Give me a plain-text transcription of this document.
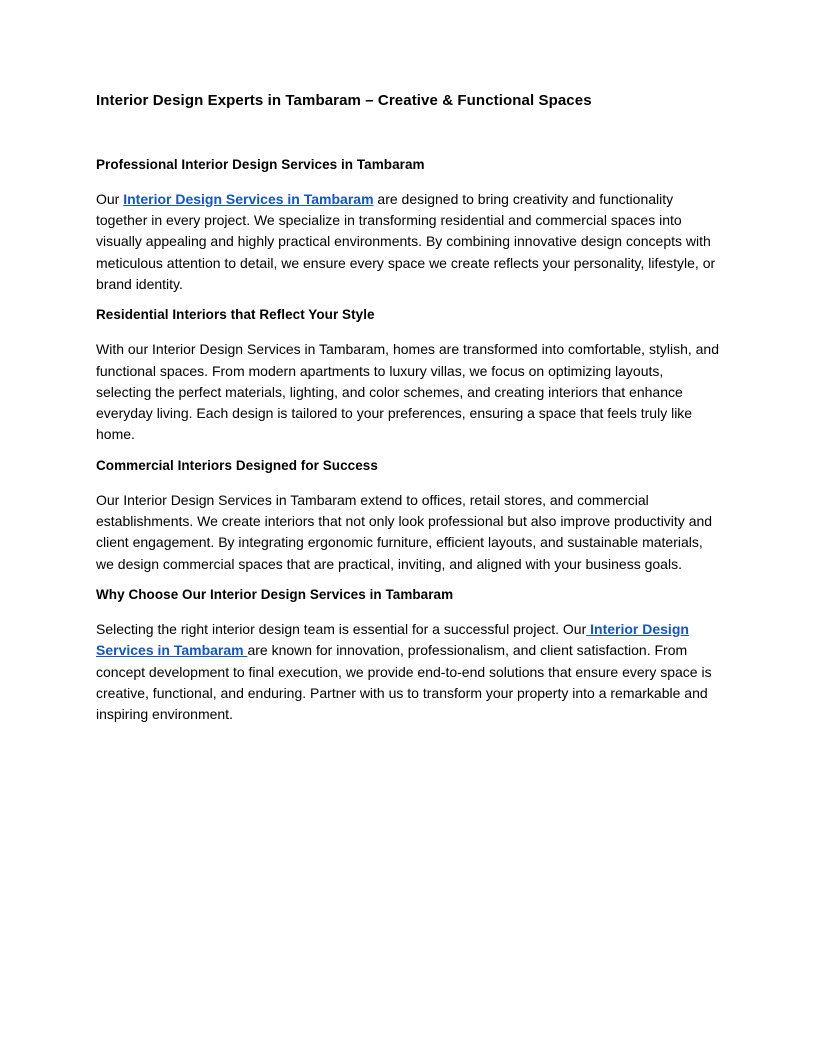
Interior Design Experts in Tambaram – Creative & Functional Spaces
Professional Interior Design Services in Tambaram

Our Interior Design Services in Tambaram are designed to bring creativity and functionality together in every project. We specialize in transforming residential and commercial spaces into visually appealing and highly practical environments. By combining innovative design concepts with meticulous attention to detail, we ensure every space we create reflects your personality, lifestyle, or brand identity.

Residential Interiors that Reflect Your Style

With our Interior Design Services in Tambaram, homes are transformed into comfortable, stylish, and functional spaces. From modern apartments to luxury villas, we focus on optimizing layouts, selecting the perfect materials, lighting, and color schemes, and creating interiors that enhance everyday living. Each design is tailored to your preferences, ensuring a space that feels truly like home.

Commercial Interiors Designed for Success

Our Interior Design Services in Tambaram extend to offices, retail stores, and commercial establishments. We create interiors that not only look professional but also improve productivity and client engagement. By integrating ergonomic furniture, efficient layouts, and sustainable materials, we design commercial spaces that are practical, inviting, and aligned with your business goals.

Why Choose Our Interior Design Services in Tambaram

Selecting the right interior design team is essential for a successful project. Our Interior Design Services in Tambaram are known for innovation, professionalism, and client satisfaction. From concept development to final execution, we provide end-to-end solutions that ensure every space is creative, functional, and enduring. Partner with us to transform your property into a remarkable and inspiring environment.
